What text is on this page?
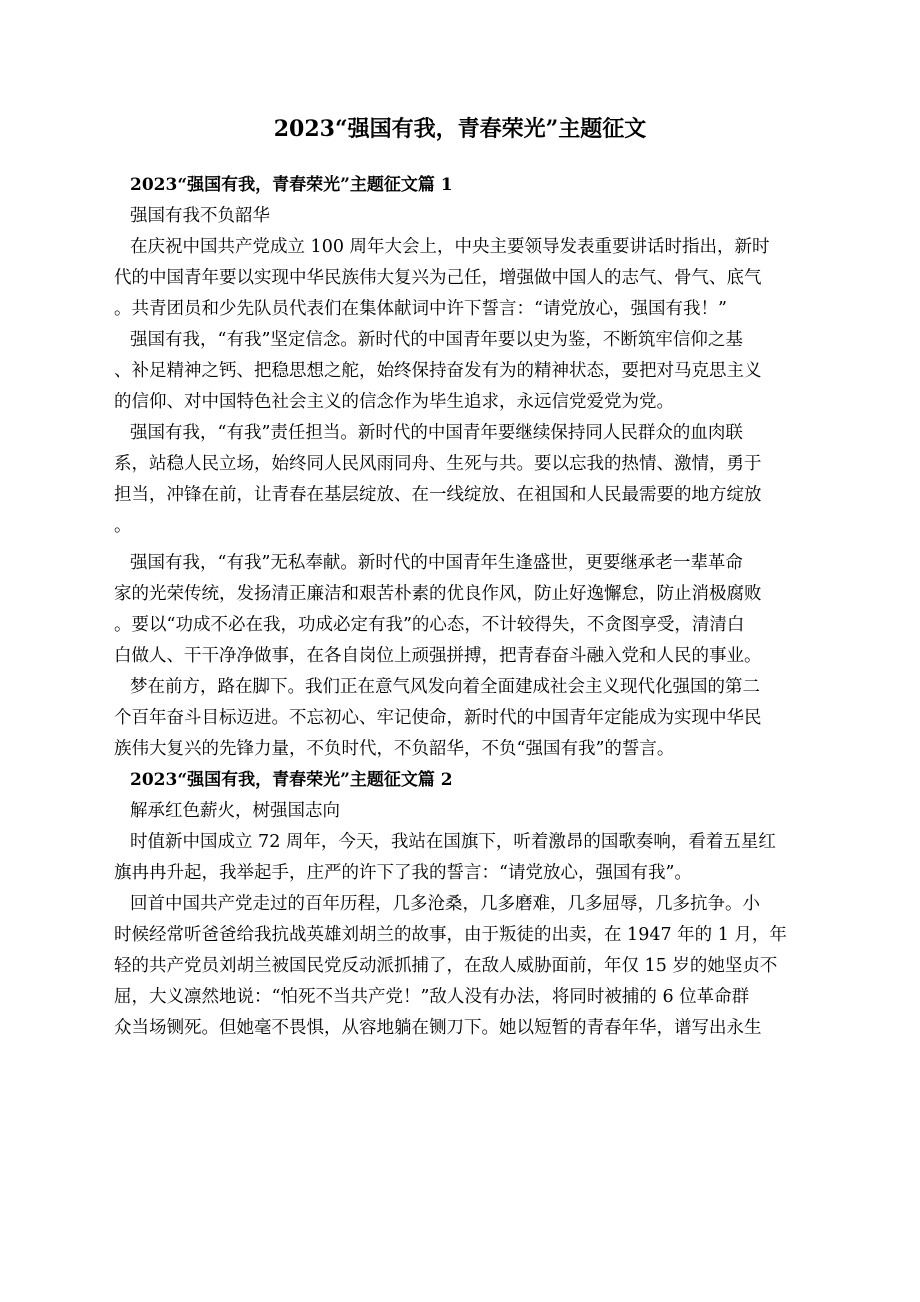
2023“强国有我，青春荣光”主题征文

2023“强国有我，青春荣光”主题征文篇 1

强国有我不负韶华

在庆祝中国共产党成立 100 周年大会上，中央主要领导发表重要讲话时指出，新时

代的中国青年要以实现中华民族伟大复兴为己任，增强做中国人的志气、骨气、底气

。共青团员和少先队员代表们在集体献词中许下誓言：“请党放心，强国有我！”

强国有我，“有我”坚定信念。新时代的中国青年要以史为鉴，不断筑牢信仰之基

、补足精神之钙、把稳思想之舵，始终保持奋发有为的精神状态，要把对马克思主义

的信仰、对中国特色社会主义的信念作为毕生追求，永远信党爱党为党。

强国有我，“有我”责任担当。新时代的中国青年要继续保持同人民群众的血肉联

系，站稳人民立场，始终同人民风雨同舟、生死与共。要以忘我的热情、激情，勇于

担当，冲锋在前，让青春在基层绽放、在一线绽放、在祖国和人民最需要的地方绽放

。

强国有我，“有我”无私奉献。新时代的中国青年生逢盛世，更要继承老一辈革命

家的光荣传统，发扬清正廉洁和艰苦朴素的优良作风，防止好逸懈怠，防止消极腐败

。要以“功成不必在我，功成必定有我”的心态，不计较得失，不贪图享受，清清白

白做人、干干净净做事，在各自岗位上顽强拼搏，把青春奋斗融入党和人民的事业。

梦在前方，路在脚下。我们正在意气风发向着全面建成社会主义现代化强国的第二

个百年奋斗目标迈进。不忘初心、牢记使命，新时代的中国青年定能成为实现中华民

族伟大复兴的先锋力量，不负时代，不负韶华，不负“强国有我”的誓言。

2023“强国有我，青春荣光”主题征文篇 2

解承红色薪火，树强国志向

时值新中国成立 72 周年，今天，我站在国旗下，听着激昂的国歌奏响，看着五星红

旗冉冉升起，我举起手，庄严的许下了我的誓言：“请党放心，强国有我”。

回首中国共产党走过的百年历程，几多沧桑，几多磨难，几多屈辱，几多抗争。小

时候经常听爸爸给我抗战英雄刘胡兰的故事，由于叛徒的出卖，在 1947 年的 1 月，年

轻的共产党员刘胡兰被国民党反动派抓捕了，在敌人威胁面前，年仅 15 岁的她坚贞不

屈，大义凛然地说：“怕死不当共产党！”敌人没有办法，将同时被捕的 6 位革命群

众当场铡死。但她毫不畏惧，从容地躺在铡刀下。她以短暂的青春年华，谱写出永生
